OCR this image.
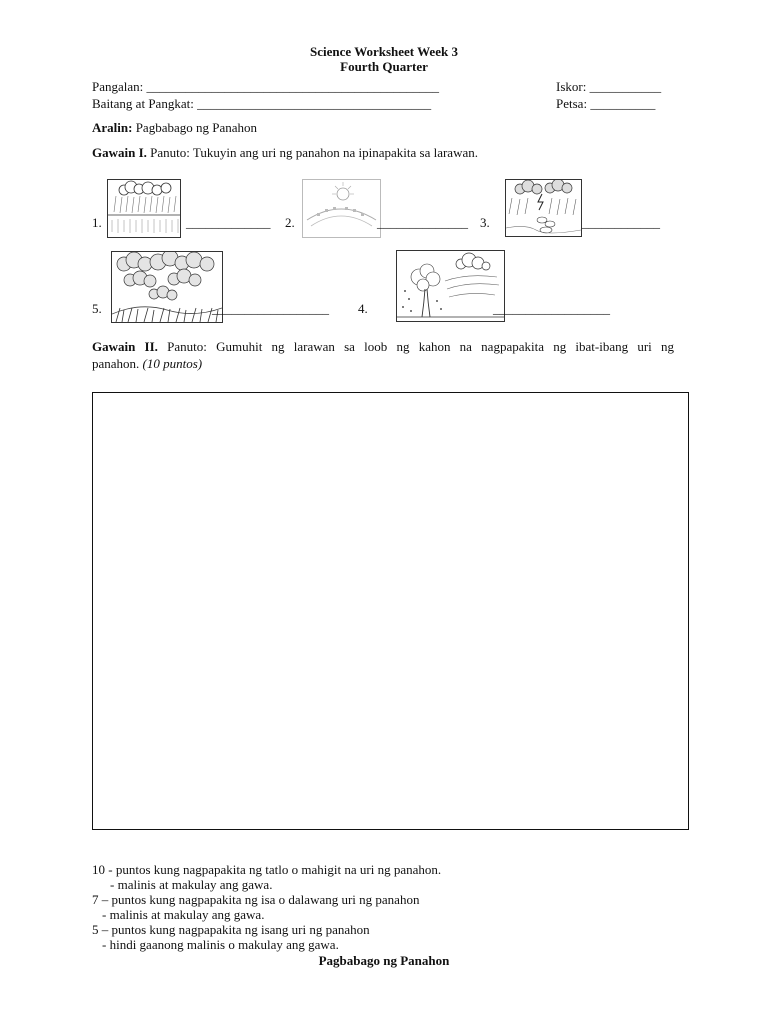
Science Worksheet Week 3
Fourth Quarter
Pangalan: _____________________________________________	Iskor: ___________
Baitang at Pangkat: ____________________________________	Petsa: __________
Aralin: Pagbabago ng Panahon
Gawain I. Panuto: Tukuyin ang uri ng panahon na ipinapakita sa larawan.
1.	_____________ 2.	______________ 3.	____________
5.	__________________ 4.	__________________
Gawain II. Panuto: Gumuhit ng larawan sa loob ng kahon na nagpapakita ng ibat-ibang uri ng
panahon. (10 puntos)
10 - puntos kung nagpapakita ng tatlo o mahigit na uri ng panahon.
- malinis at makulay ang gawa.
7 – puntos kung nagpapakita ng isa o dalawang uri ng panahon
- malinis at makulay ang gawa.
5 – puntos kung nagpapakita ng isang uri ng panahon
- hindi gaanong malinis o makulay ang gawa.
Pagbabago ng Panahon
